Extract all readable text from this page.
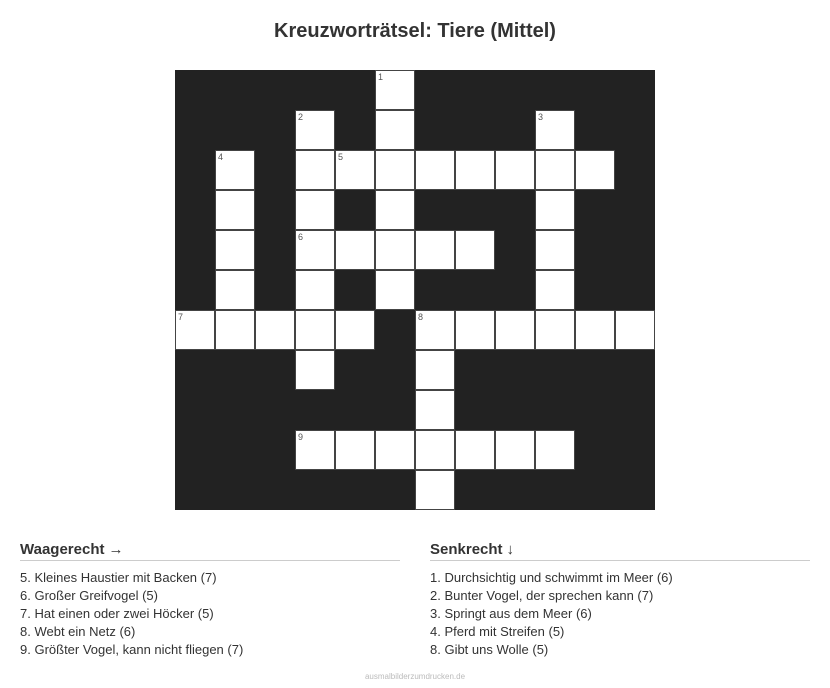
Kreuzworträtsel: Tiere (Mittel)
1
2	3
4	5
6
7	8
9
Waagerecht →
5. Kleines Haustier mit Backen (7)
6. Großer Greifvogel (5)
7. Hat einen oder zwei Höcker (5)
8. Webt ein Netz (6)
9. Größter Vogel, kann nicht fliegen (7)
Senkrecht ↓
1. Durchsichtig und schwimmt im Meer (6)
2. Bunter Vogel, der sprechen kann (7)
3. Springt aus dem Meer (6)
4. Pferd mit Streifen (5)
8. Gibt uns Wolle (5)
ausmalbilderzumdrucken.de
